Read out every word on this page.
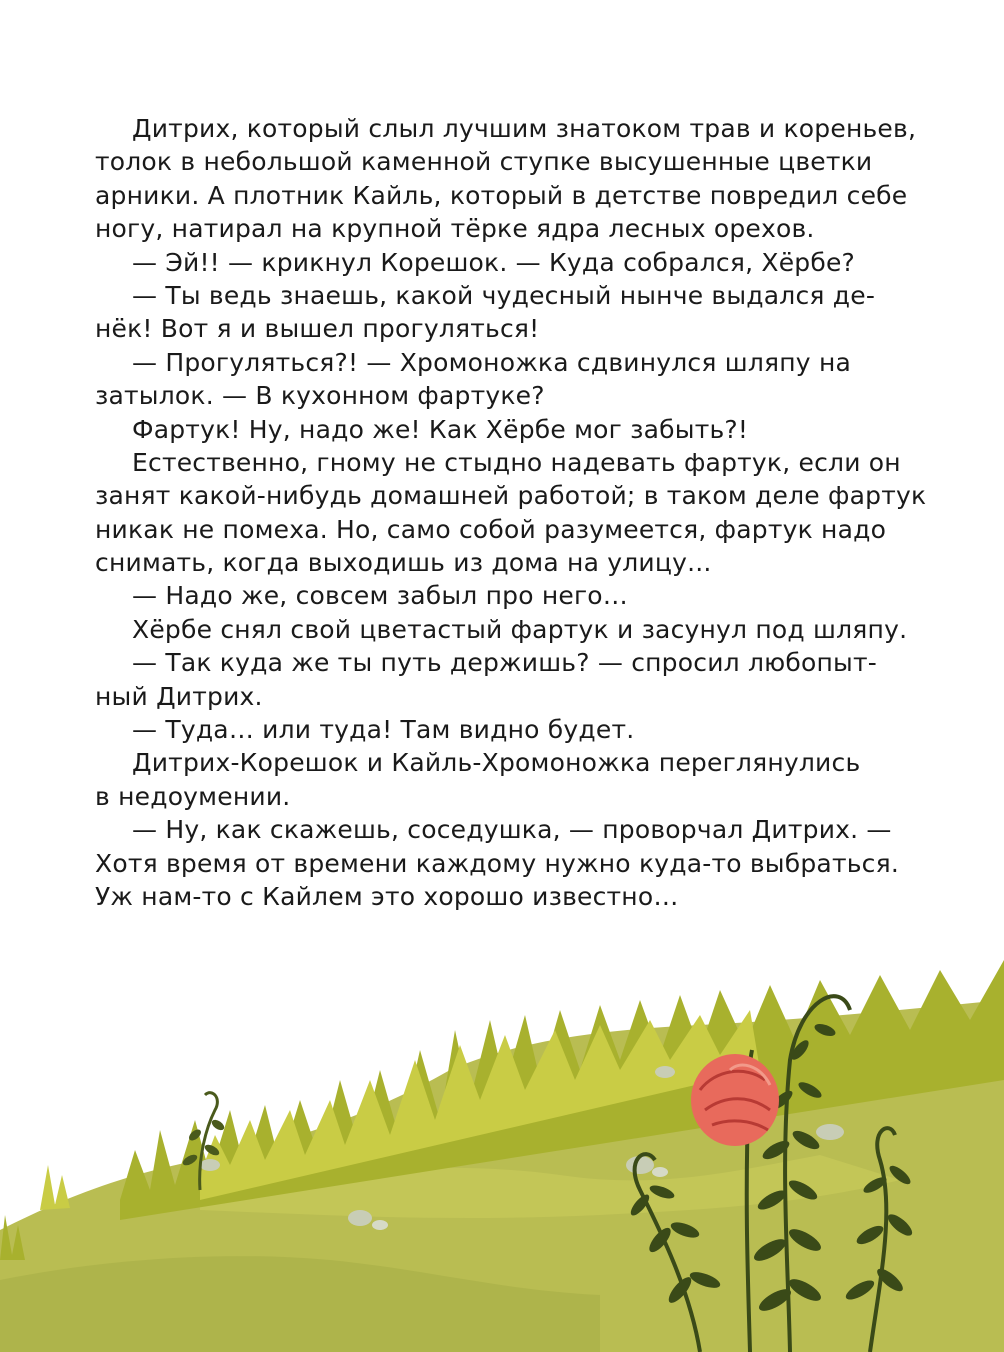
Дитрих, который слыл лучшим знатоком трав и кореньев,
толок в небольшой каменной ступке высушенные цветки
арники. А плотник Кайль, который в детстве повредил себе
ногу, натирал на крупной тёрке ядра лесных орехов.
— Эй!! — крикнул Корешок. — Куда собрался, Хёрбе?
— Ты ведь знаешь, какой чудесный нынче выдался де-
нёк! Вот я и вышел прогуляться!
— Прогуляться?! — Хромоножка сдвинулся шляпу на
затылок. — В кухонном фартуке?
Фартук! Ну, надо же! Как Хёрбе мог забыть?!
Естественно, гному не стыдно надевать фартук, если он
занят какой-нибудь домашней работой; в таком деле фартук
никак не помеха. Но, само собой разумеется, фартук надо
снимать, когда выходишь из дома на улицу...
— Надо же, совсем забыл про него…
Хёрбе снял свой цветастый фартук и засунул под шляпу.
— Так куда же ты путь держишь? — спросил любопыт-
ный Дитрих.
— Туда… или туда! Там видно будет.
Дитрих-Корешок и Кайль-Хромоножка переглянулись
в недоумении.
— Ну, как скажешь, соседушка, — проворчал Дитрих. —
Хотя время от времени каждому нужно куда-то выбраться.
Уж нам-то с Кайлем это хорошо известно…
